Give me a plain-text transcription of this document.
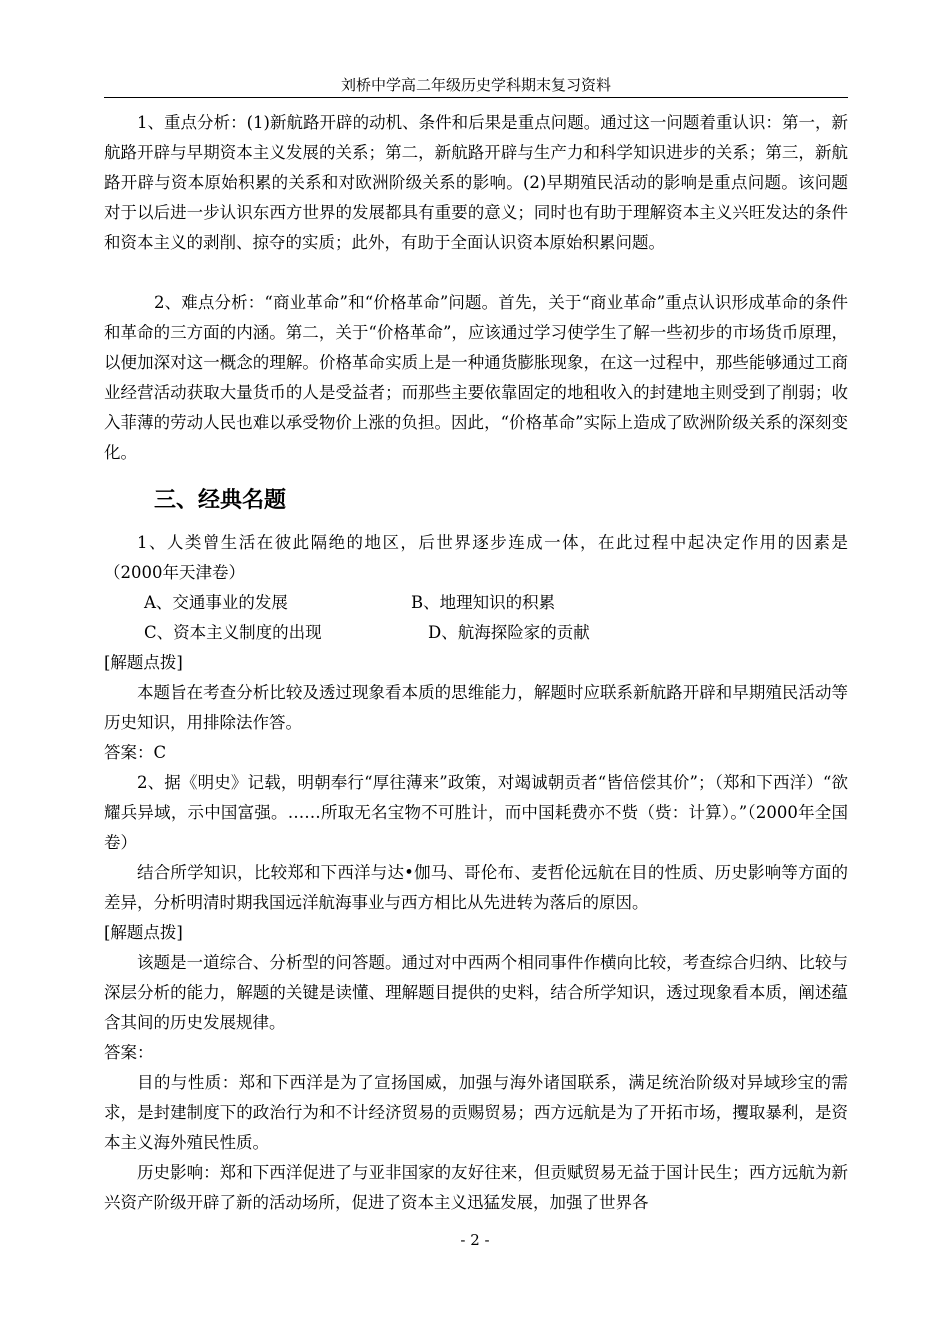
刘桥中学高二年级历史学科期末复习资料

1、重点分析：(1)新航路开辟的动机、条件和后果是重点问题。通过这一问题着重认识：第一，新航路开辟与早期资本主义发展的关系；第二，新航路开辟与生产力和科学知识进步的关系；第三，新航路开辟与资本原始积累的关系和对欧洲阶级关系的影响。(2)早期殖民活动的影响是重点问题。该问题对于以后进一步认识东西方世界的发展都具有重要的意义；同时也有助于理解资本主义兴旺发达的条件和资本主义的剥削、掠夺的实质；此外，有助于全面认识资本原始积累问题。

2、难点分析：“商业革命”和“价格革命”问题。首先，关于“商业革命”重点认识形成革命的条件和革命的三方面的内涵。第二，关于“价格革命”，应该通过学习使学生了解一些初步的市场货币原理，以便加深对这一概念的理解。价格革命实质上是一种通货膨胀现象，在这一过程中，那些能够通过工商业经营活动获取大量货币的人是受益者；而那些主要依靠固定的地租收入的封建地主则受到了削弱；收入菲薄的劳动人民也难以承受物价上涨的负担。因此，“价格革命”实际上造成了欧洲阶级关系的深刻变化。

三、经典名题

1、人类曾生活在彼此隔绝的地区，后世界逐步连成一体，在此过程中起决定作用的因素是（2000年天津卷）

A、交通事业的发展	B、地理知识的积累
C、资本主义制度的出现	D、航海探险家的贡献

[解题点拨]

本题旨在考查分析比较及透过现象看本质的思维能力，解题时应联系新航路开辟和早期殖民活动等历史知识，用排除法作答。

答案：C

2、据《明史》记载，明朝奉行“厚往薄来”政策，对竭诚朝贡者“皆倍偿其价”；（郑和下西洋）“欲耀兵异域，示中国富强。……所取无名宝物不可胜计，而中国耗费亦不赀（赀：计算）。”（2000年全国卷）

结合所学知识，比较郑和下西洋与达•伽马、哥伦布、麦哲伦远航在目的性质、历史影响等方面的差异，分析明清时期我国远洋航海事业与西方相比从先进转为落后的原因。

[解题点拨]

该题是一道综合、分析型的问答题。通过对中西两个相同事件作横向比较，考查综合归纳、比较与深层分析的能力，解题的关键是读懂、理解题目提供的史料，结合所学知识，透过现象看本质，阐述蕴含其间的历史发展规律。

答案：

目的与性质：郑和下西洋是为了宣扬国威，加强与海外诸国联系，满足统治阶级对异域珍宝的需求，是封建制度下的政治行为和不计经济贸易的贡赐贸易；西方远航是为了开拓市场，攫取暴利，是资本主义海外殖民性质。

历史影响：郑和下西洋促进了与亚非国家的友好往来，但贡赋贸易无益于国计民生；西方远航为新兴资产阶级开辟了新的活动场所，促进了资本主义迅猛发展，加强了世界各

- 2 -
